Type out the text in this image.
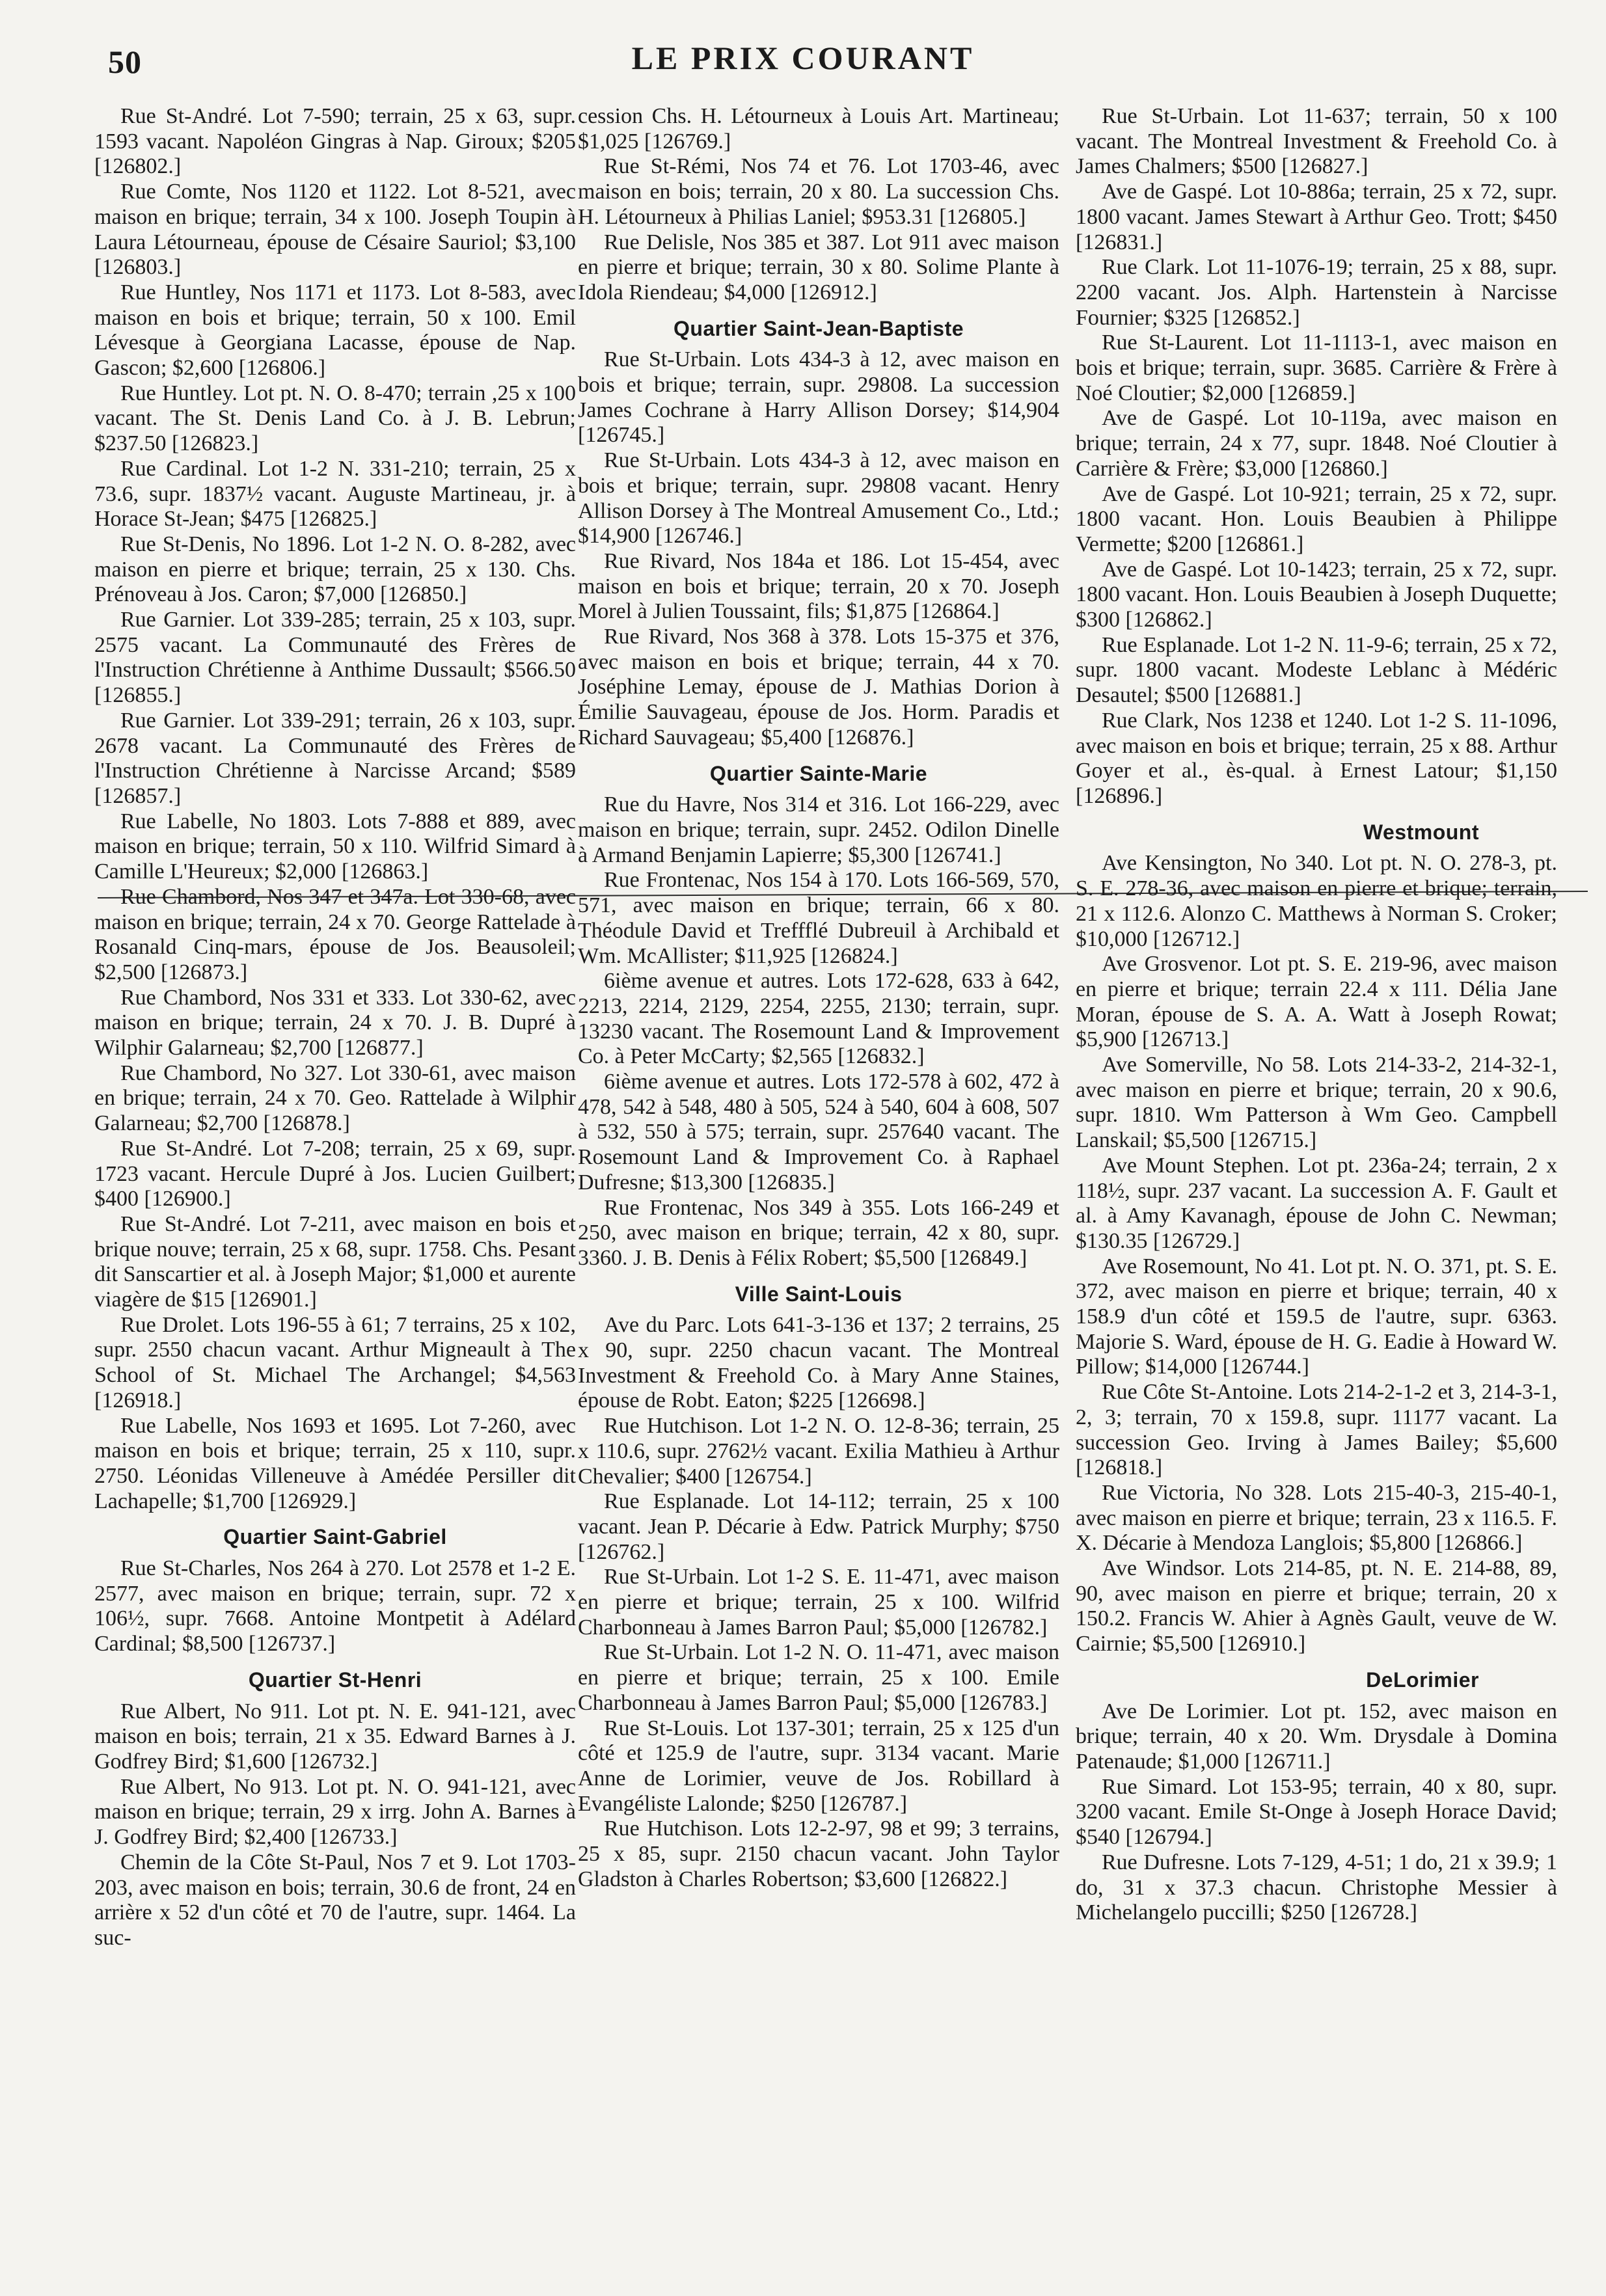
50	LE PRIX COURANT

Rue St-André. Lot 7-590; terrain, 25 x 63, supr. 1593 vacant. Napoléon Gingras à Nap. Giroux; $205 [126802.]

Rue Comte, Nos 1120 et 1122. Lot 8-521, avec maison en brique; terrain, 34 x 100. Joseph Toupin à Laura Létourneau, épouse de Césaire Sauriol; $3,100 [126803.]

Rue Huntley, Nos 1171 et 1173. Lot 8-583, avec maison en bois et brique; terrain, 50 x 100. Emil Lévesque à Georgiana Lacasse, épouse de Nap. Gascon; $2,600 [126806.]

Rue Huntley. Lot pt. N. O. 8-470; terrain ,25 x 100 vacant. The St. Denis Land Co. à J. B. Lebrun; $237.50 [126823.]

Rue Cardinal. Lot 1-2 N. 331-210; terrain, 25 x 73.6, supr. 1837½ vacant. Auguste Martineau, jr. à Horace St-Jean; $475 [126825.]

Rue St-Denis, No 1896. Lot 1-2 N. O. 8-282, avec maison en pierre et brique; terrain, 25 x 130. Chs. Prénoveau à Jos. Caron; $7,000 [126850.]

Rue Garnier. Lot 339-285; terrain, 25 x 103, supr. 2575 vacant. La Communauté des Frères de l'Instruction Chrétienne à Anthime Dussault; $566.50 [126855.]

Rue Garnier. Lot 339-291; terrain, 26 x 103, supr. 2678 vacant. La Communauté des Frères de l'Instruction Chrétienne à Narcisse Arcand; $589 [126857.]

Rue Labelle, No 1803. Lots 7-888 et 889, avec maison en brique; terrain, 50 x 110. Wilfrid Simard à Camille L'Heureux; $2,000 [126863.]

Rue Chambord, Nos 347 et 347a. Lot 330-68, avec maison en brique; terrain, 24 x 70. George Rattelade à Rosanald Cinq-mars, épouse de Jos. Beausoleil; $2,500 [126873.]

Rue Chambord, Nos 331 et 333. Lot 330-62, avec maison en brique; terrain, 24 x 70. J. B. Dupré à Wilphir Galarneau; $2,700 [126877.]

Rue Chambord, No 327. Lot 330-61, avec maison en brique; terrain, 24 x 70. Geo. Rattelade à Wilphir Galarneau; $2,700 [126878.]

Rue St-André. Lot 7-208; terrain, 25 x 69, supr. 1723 vacant. Hercule Dupré à Jos. Lucien Guilbert; $400 [126900.]

Rue St-André. Lot 7-211, avec maison en bois et brique nouve; terrain, 25 x 68, supr. 1758. Chs. Pesant dit Sanscartier et al. à Joseph Major; $1,000 et aurente viagère de $15 [126901.]

Rue Drolet. Lots 196-55 à 61; 7 terrains, 25 x 102, supr. 2550 chacun vacant. Arthur Migneault à The School of St. Michael The Archangel; $4,563 [126918.]

Rue Labelle, Nos 1693 et 1695. Lot 7-260, avec maison en bois et brique; terrain, 25 x 110, supr. 2750. Léonidas Villeneuve à Amédée Persiller dit Lachapelle; $1,700 [126929.]

Quartier Saint-Gabriel

Rue St-Charles, Nos 264 à 270. Lot 2578 et 1-2 E. 2577, avec maison en brique; terrain, supr. 72 x 106½, supr. 7668. Antoine Montpetit à Adélard Cardinal; $8,500 [126737.]

Quartier St-Henri

Rue Albert, No 911. Lot pt. N. E. 941-121, avec maison en bois; terrain, 21 x 35. Edward Barnes à J. Godfrey Bird; $1,600 [126732.]

Rue Albert, No 913. Lot pt. N. O. 941-121, avec maison en brique; terrain, 29 x irrg. John A. Barnes à J. Godfrey Bird; $2,400 [126733.]

Chemin de la Côte St-Paul, Nos 7 et 9. Lot 1703-203, avec maison en bois; terrain, 30.6 de front, 24 en arrière x 52 d'un côté et 70 de l'autre, supr. 1464. La suc-

cession Chs. H. Létourneux à Louis Art. Martineau; $1,025 [126769.]

Rue St-Rémi, Nos 74 et 76. Lot 1703-46, avec maison en bois; terrain, 20 x 80. La succession Chs. H. Létourneux à Philias Laniel; $953.31 [126805.]

Rue Delisle, Nos 385 et 387. Lot 911 avec maison en pierre et brique; terrain, 30 x 80. Solime Plante à Idola Riendeau; $4,000 [126912.]

Quartier Saint-Jean-Baptiste

Rue St-Urbain. Lots 434-3 à 12, avec maison en bois et brique; terrain, supr. 29808. La succession James Cochrane à Harry Allison Dorsey; $14,904 [126745.]

Rue St-Urbain. Lots 434-3 à 12, avec maison en bois et brique; terrain, supr. 29808 vacant. Henry Allison Dorsey à The Montreal Amusement Co., Ltd.; $14,900 [126746.]

Rue Rivard, Nos 184a et 186. Lot 15-454, avec maison en bois et brique; terrain, 20 x 70. Joseph Morel à Julien Toussaint, fils; $1,875 [126864.]

Rue Rivard, Nos 368 à 378. Lots 15-375 et 376, avec maison en bois et brique; terrain, 44 x 70. Joséphine Lemay, épouse de J. Mathias Dorion à Émilie Sauvageau, épouse de Jos. Horm. Paradis et Richard Sauvageau; $5,400 [126876.]

Quartier Sainte-Marie

Rue du Havre, Nos 314 et 316. Lot 166-229, avec maison en brique; terrain, supr. 2452. Odilon Dinelle à Armand Benjamin Lapierre; $5,300 [126741.]

Rue Frontenac, Nos 154 à 170. Lots 166-569, 570, 571, avec maison en brique; terrain, 66 x 80. Théodule David et Treffflé Dubreuil à Archibald et Wm. McAllister; $11,925 [126824.]

6ième avenue et autres. Lots 172-628, 633 à 642, 2213, 2214, 2129, 2254, 2255, 2130; terrain, supr. 13230 vacant. The Rosemount Land & Improvement Co. à Peter McCarty; $2,565 [126832.]

6ième avenue et autres. Lots 172-578 à 602, 472 à 478, 542 à 548, 480 à 505, 524 à 540, 604 à 608, 507 à 532, 550 à 575; terrain, supr. 257640 vacant. The Rosemount Land & Improvement Co. à Raphael Dufresne; $13,300 [126835.]

Rue Frontenac, Nos 349 à 355. Lots 166-249 et 250, avec maison en brique; terrain, 42 x 80, supr. 3360. J. B. Denis à Félix Robert; $5,500 [126849.]

Ville Saint-Louis

Ave du Parc. Lots 641-3-136 et 137; 2 terrains, 25 x 90, supr. 2250 chacun vacant. The Montreal Investment & Freehold Co. à Mary Anne Staines, épouse de Robt. Eaton; $225 [126698.]

Rue Hutchison. Lot 1-2 N. O. 12-8-36; terrain, 25 x 110.6, supr. 2762½ vacant. Exilia Mathieu à Arthur Chevalier; $400 [126754.]

Rue Esplanade. Lot 14-112; terrain, 25 x 100 vacant. Jean P. Décarie à Edw. Patrick Murphy; $750 [126762.]

Rue St-Urbain. Lot 1-2 S. E. 11-471, avec maison en pierre et brique; terrain, 25 x 100. Wilfrid Charbonneau à James Barron Paul; $5,000 [126782.]

Rue St-Urbain. Lot 1-2 N. O. 11-471, avec maison en pierre et brique; terrain, 25 x 100. Emile Charbonneau à James Barron Paul; $5,000 [126783.]

Rue St-Louis. Lot 137-301; terrain, 25 x 125 d'un côté et 125.9 de l'autre, supr. 3134 vacant. Marie Anne de Lorimier, veuve de Jos. Robillard à Evangéliste Lalonde; $250 [126787.]

Rue Hutchison. Lots 12-2-97, 98 et 99; 3 terrains, 25 x 85, supr. 2150 chacun vacant. John Taylor Gladston à Charles Robertson; $3,600 [126822.]

Rue St-Urbain. Lot 11-637; terrain, 50 x 100 vacant. The Montreal Investment & Freehold Co. à James Chalmers; $500 [126827.]

Ave de Gaspé. Lot 10-886a; terrain, 25 x 72, supr. 1800 vacant. James Stewart à Arthur Geo. Trott; $450 [126831.]

Rue Clark. Lot 11-1076-19; terrain, 25 x 88, supr. 2200 vacant. Jos. Alph. Hartenstein à Narcisse Fournier; $325 [126852.]

Rue St-Laurent. Lot 11-1113-1, avec maison en bois et brique; terrain, supr. 3685. Carrière & Frère à Noé Cloutier; $2,000 [126859.]

Ave de Gaspé. Lot 10-119a, avec maison en brique; terrain, 24 x 77, supr. 1848. Noé Cloutier à Carrière & Frère; $3,000 [126860.]

Ave de Gaspé. Lot 10-921; terrain, 25 x 72, supr. 1800 vacant. Hon. Louis Beaubien à Philippe Vermette; $200 [126861.]

Ave de Gaspé. Lot 10-1423; terrain, 25 x 72, supr. 1800 vacant. Hon. Louis Beaubien à Joseph Duquette; $300 [126862.]

Rue Esplanade. Lot 1-2 N. 11-9-6; terrain, 25 x 72, supr. 1800 vacant. Modeste Leblanc à Médéric Desautel; $500 [126881.]

Rue Clark, Nos 1238 et 1240. Lot 1-2 S. 11-1096, avec maison en bois et brique; terrain, 25 x 88. Arthur Goyer et al., ès-qual. à Ernest Latour; $1,150 [126896.]

Westmount

Ave Kensington, No 340. Lot pt. N. O. 278-3, pt. S. E. 278-36, avec maison en pierre et brique; terrain, 21 x 112.6. Alonzo C. Matthews à Norman S. Croker; $10,000 [126712.]

Ave Grosvenor. Lot pt. S. E. 219-96, avec maison en pierre et brique; terrain 22.4 x 111. Délia Jane Moran, épouse de S. A. A. Watt à Joseph Rowat; $5,900 [126713.]

Ave Somerville, No 58. Lots 214-33-2, 214-32-1, avec maison en pierre et brique; terrain, 20 x 90.6, supr. 1810. Wm Patterson à Wm Geo. Campbell Lanskail; $5,500 [126715.]

Ave Mount Stephen. Lot pt. 236a-24; terrain, 2 x 118½, supr. 237 vacant. La succession A. F. Gault et al. à Amy Kavanagh, épouse de John C. Newman; $130.35 [126729.]

Ave Rosemount, No 41. Lot pt. N. O. 371, pt. S. E. 372, avec maison en pierre et brique; terrain, 40 x 158.9 d'un côté et 159.5 de l'autre, supr. 6363. Majorie S. Ward, épouse de H. G. Eadie à Howard W. Pillow; $14,000 [126744.]

Rue Côte St-Antoine. Lots 214-2-1-2 et 3, 214-3-1, 2, 3; terrain, 70 x 159.8, supr. 11177 vacant. La succession Geo. Irving à James Bailey; $5,600 [126818.]

Rue Victoria, No 328. Lots 215-40-3, 215-40-1, avec maison en pierre et brique; terrain, 23 x 116.5. F. X. Décarie à Mendoza Langlois; $5,800 [126866.]

Ave Windsor. Lots 214-85, pt. N. E. 214-88, 89, 90, avec maison en pierre et brique; terrain, 20 x 150.2. Francis W. Ahier à Agnès Gault, veuve de W. Cairnie; $5,500 [126910.]

DeLorimier

Ave De Lorimier. Lot pt. 152, avec maison en brique; terrain, 40 x 20. Wm. Drysdale à Domina Patenaude; $1,000 [126711.]

Rue Simard. Lot 153-95; terrain, 40 x 80, supr. 3200 vacant. Emile St-Onge à Joseph Horace David; $540 [126794.]

Rue Dufresne. Lots 7-129, 4-51; 1 do, 21 x 39.9; 1 do, 31 x 37.3 chacun. Christophe Messier à Michelangelo puccilli; $250 [126728.]
